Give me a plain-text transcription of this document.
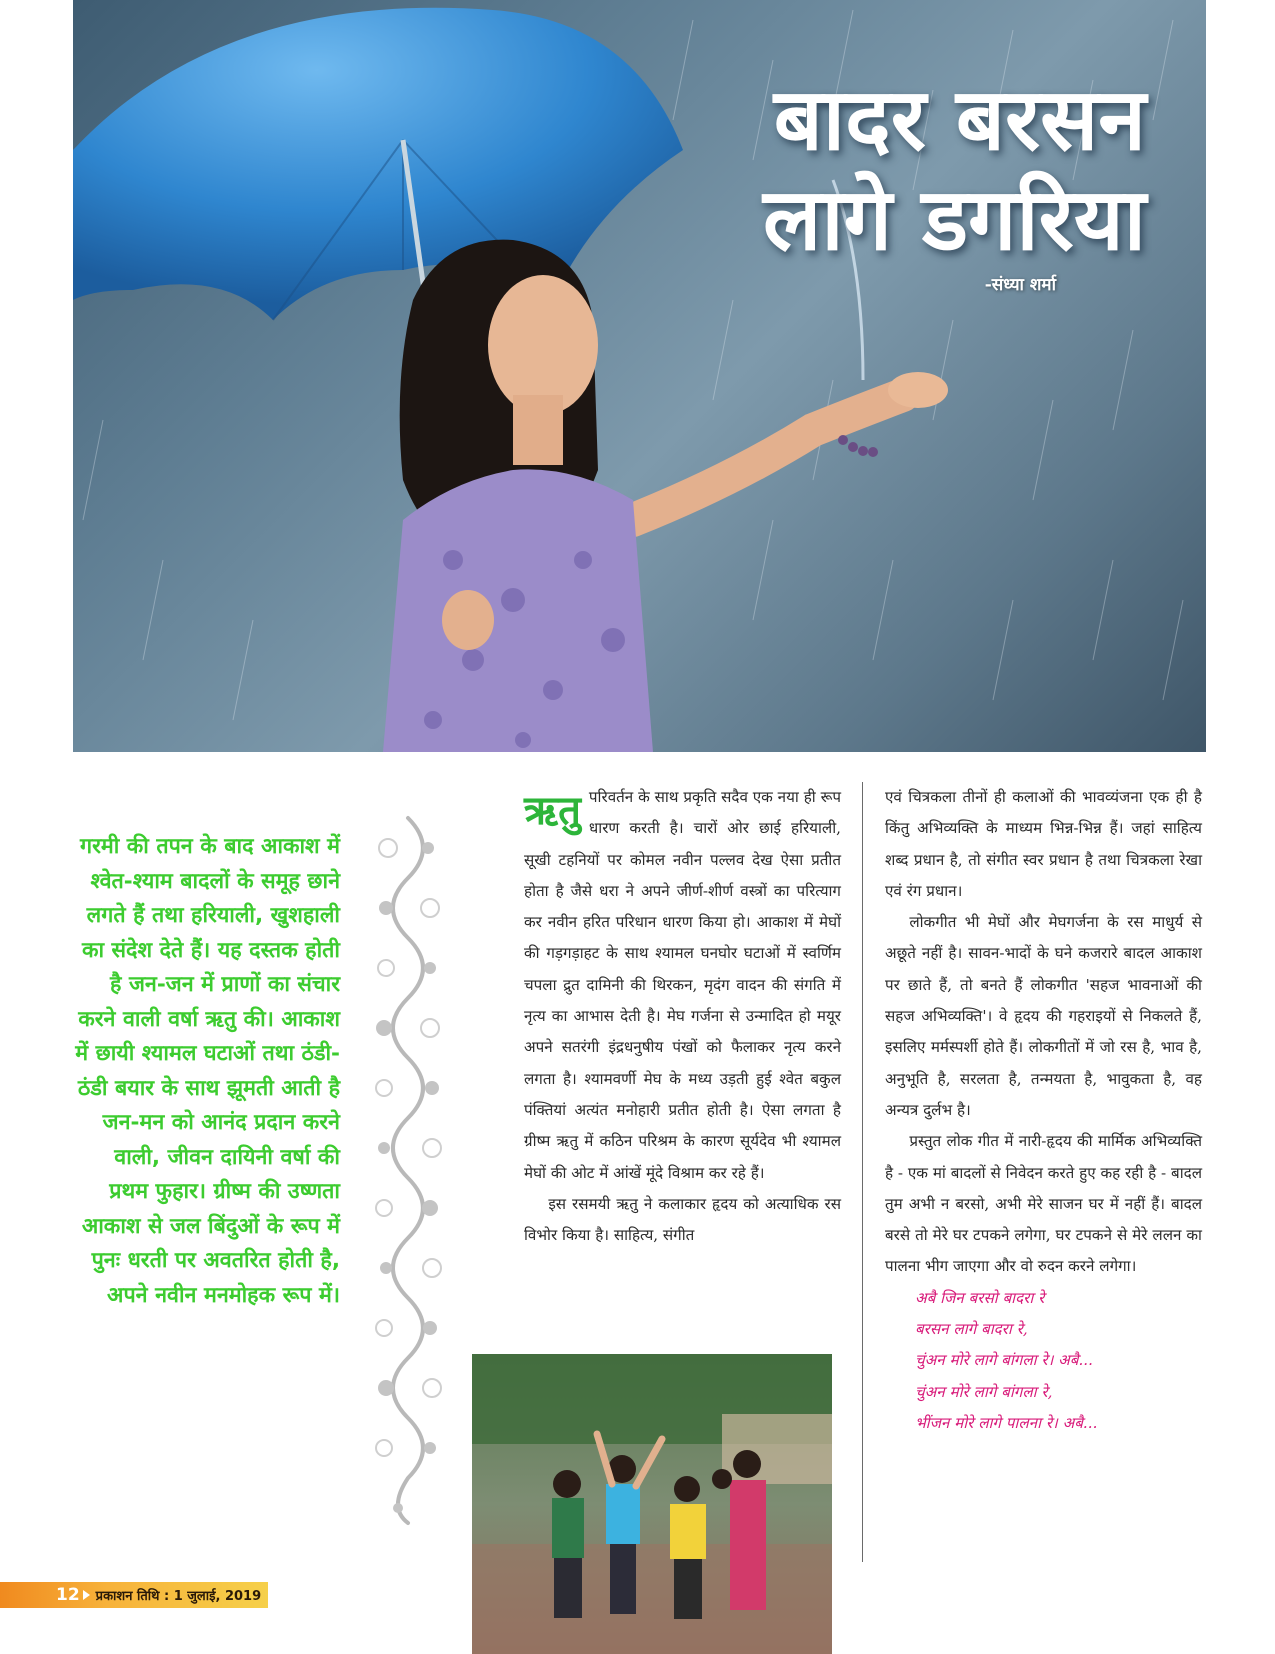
बादर बरसन
लागे डगरिया
-संध्या शर्मा
गरमी की तपन के बाद आकाश में श्वेत-श्याम बादलों के समूह छाने लगते हैं तथा हरियाली, खुशहाली का संदेश देते हैं। यह दस्तक होती है जन-जन में प्राणों का संचार करने वाली वर्षा ऋतु की। आकाश में छायी श्यामल घटाओं तथा ठंडी-ठंडी बयार के साथ झूमती आती है जन-मन को आनंद प्रदान करने वाली, जीवन दायिनी वर्षा की प्रथम फुहार। ग्रीष्म की उष्णता आकाश से जल बिंदुओं के रूप में पुनः धरती पर अवतरित होती है, अपने नवीन मनमोहक रूप में।

ऋतु परिवर्तन के साथ प्रकृति सदैव एक नया ही रूप धारण करती है। चारों ओर छाई हरियाली, सूखी टहनियों पर कोमल नवीन पल्लव देख ऐसा प्रतीत होता है जैसे धरा ने अपने जीर्ण-शीर्ण वस्त्रों का परित्याग कर नवीन हरित परिधान धारण किया हो। आकाश में मेघों की गड़गड़ाहट के साथ श्यामल घनघोर घटाओं में स्वर्णिम चपला द्रुत दामिनी की थिरकन, मृदंग वादन की संगति में नृत्य का आभास देती है। मेघ गर्जना से उन्मादित हो मयूर अपने सतरंगी इंद्रधनुषीय पंखों को फैलाकर नृत्य करने लगता है। श्यामवर्णी मेघ के मध्य उड़ती हुई श्वेत बकुल पंक्तियां अत्यंत मनोहारी प्रतीत होती है। ऐसा लगता है ग्रीष्म ऋतु में कठिन परिश्रम के कारण सूर्यदेव भी श्यामल मेघों की ओट में आंखें मूंदे विश्राम कर रहे हैं।

इस रसमयी ऋतु ने कलाकार हृदय को अत्याधिक रस विभोर किया है। साहित्य, संगीत

एवं चित्रकला तीनों ही कलाओं की भावव्यंजना एक ही है किंतु अभिव्यक्ति के माध्यम भिन्न-भिन्न हैं। जहां साहित्य शब्द प्रधान है, तो संगीत स्वर प्रधान है तथा चित्रकला रेखा एवं रंग प्रधान।

लोकगीत भी मेघों और मेघगर्जना के रस माधुर्य से अछूते नहीं है। सावन-भादों के घने कजरारे बादल आकाश पर छाते हैं, तो बनते हैं लोकगीत 'सहज भावनाओं की सहज अभिव्यक्ति'। वे हृदय की गहराइयों से निकलते हैं, इसलिए मर्मस्पर्शी होते हैं। लोकगीतों में जो रस है, भाव है, अनुभूति है, सरलता है, तन्मयता है, भावुकता है, वह अन्यत्र दुर्लभ है।

प्रस्तुत लोक गीत में नारी-हृदय की मार्मिक अभिव्यक्ति है - एक मां बादलों से निवेदन करते हुए कह रही है - बादल तुम अभी न बरसो, अभी मेरे साजन घर में नहीं हैं। बादल बरसे तो मेरे घर टपकने लगेगा, घर टपकने से मेरे ललन का पालना भीग जाएगा और वो रुदन करने लगेगा।

अबै जिन बरसो बादरा रे
बरसन लागे बादरा रे,
चुंअन मोरे लागे बांगला रे। अबै...
चुंअन मोरे लागे बांगला रे,
भींजन मोरे लागे पालना रे। अबै...
12 प्रकाशन तिथि : 1 जुलाई, 2019
